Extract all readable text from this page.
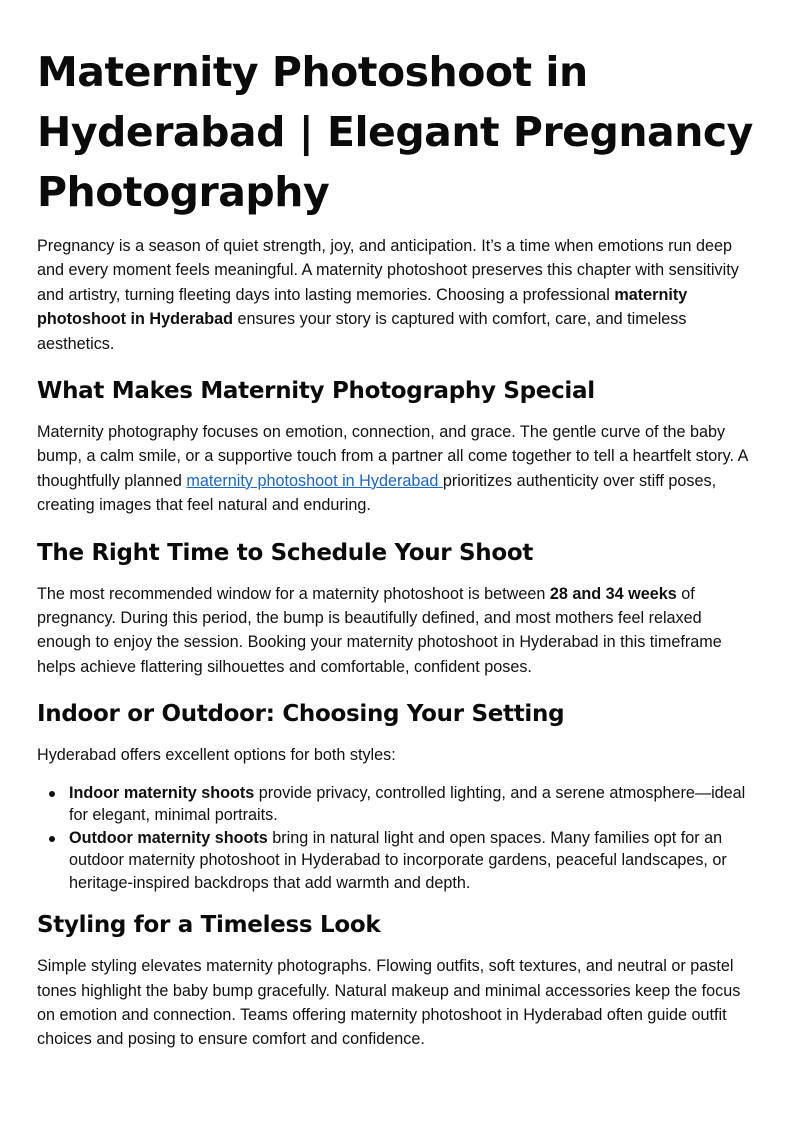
Maternity Photoshoot in Hyderabad | Elegant Pregnancy Photography

Pregnancy is a season of quiet strength, joy, and anticipation. It’s a time when emotions run deep and every moment feels meaningful. A maternity photoshoot preserves this chapter with sensitivity and artistry, turning fleeting days into lasting memories. Choosing a professional maternity photoshoot in Hyderabad ensures your story is captured with comfort, care, and timeless aesthetics.

What Makes Maternity Photography Special

Maternity photography focuses on emotion, connection, and grace. The gentle curve of the baby bump, a calm smile, or a supportive touch from a partner all come together to tell a heartfelt story. A thoughtfully planned maternity photoshoot in Hyderabad prioritizes authenticity over stiff poses, creating images that feel natural and enduring.

The Right Time to Schedule Your Shoot

The most recommended window for a maternity photoshoot is between 28 and 34 weeks of pregnancy. During this period, the bump is beautifully defined, and most mothers feel relaxed enough to enjoy the session. Booking your maternity photoshoot in Hyderabad in this timeframe helps achieve flattering silhouettes and comfortable, confident poses.

Indoor or Outdoor: Choosing Your Setting

Hyderabad offers excellent options for both styles:

Indoor maternity shoots provide privacy, controlled lighting, and a serene atmosphere—ideal for elegant, minimal portraits.
Outdoor maternity shoots bring in natural light and open spaces. Many families opt for an outdoor maternity photoshoot in Hyderabad to incorporate gardens, peaceful landscapes, or heritage-inspired backdrops that add warmth and depth.
Styling for a Timeless Look

Simple styling elevates maternity photographs. Flowing outfits, soft textures, and neutral or pastel tones highlight the baby bump gracefully. Natural makeup and minimal accessories keep the focus on emotion and connection. Teams offering maternity photoshoot in Hyderabad often guide outfit choices and posing to ensure comfort and confidence.
